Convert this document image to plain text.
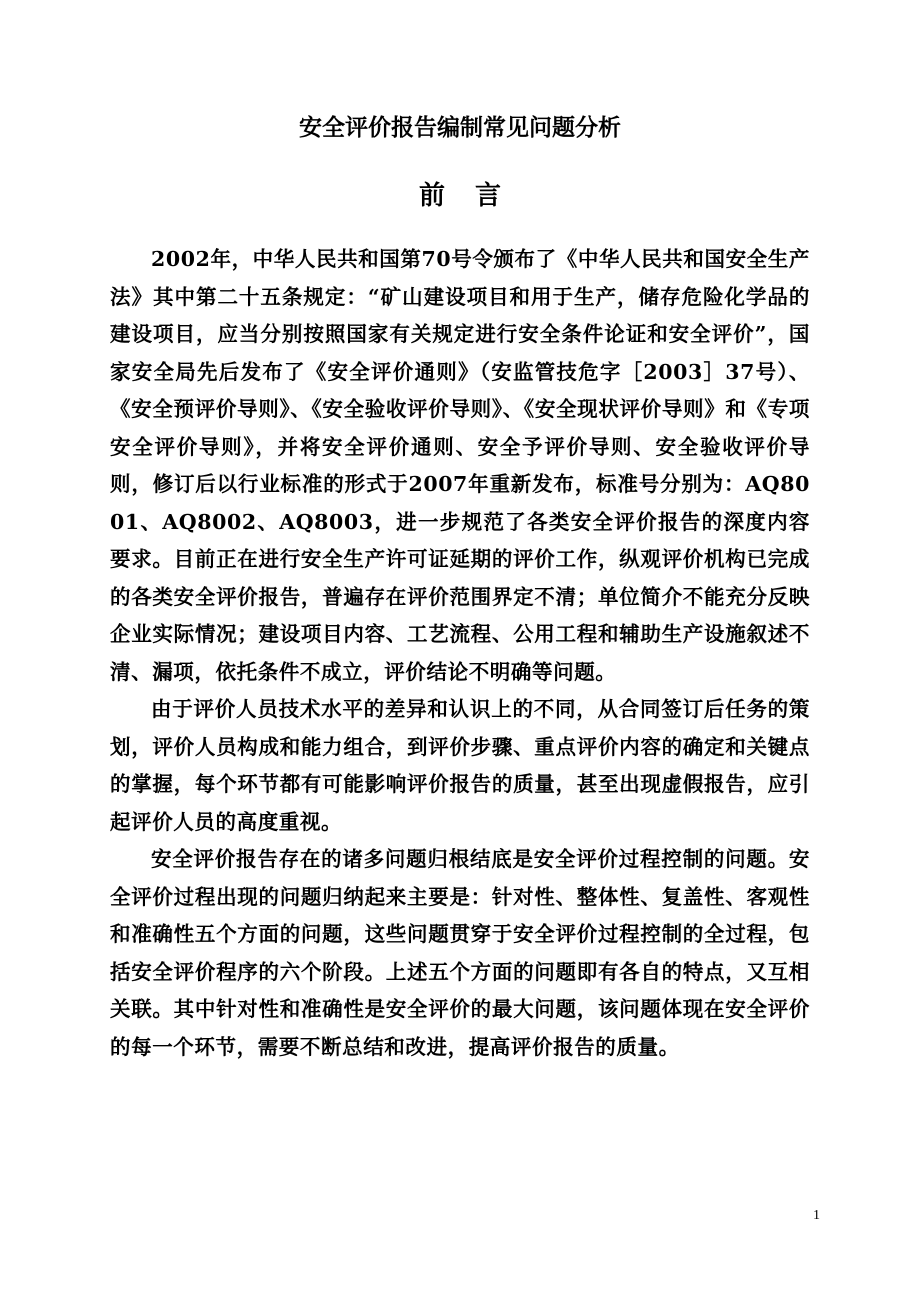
安全评价报告编制常见问题分析
前言

2002年，中华人民共和国第70号令颁布了《中华人民共和国安全生产法》其中第二十五条规定：“矿山建设项目和用于生产，储存危险化学品的建设项目，应当分别按照国家有关规定进行安全条件论证和安全评价”，国家安全局先后发布了《安全评价通则》（安监管技危字［2003］37号）、《安全预评价导则》、《安全验收评价导则》、《安全现状评价导则》和《专项安全评价导则》，并将安全评价通则、安全予评价导则、安全验收评价导则，修订后以行业标准的形式于2007年重新发布，标准号分别为：AQ8001、AQ8002、AQ8003，进一步规范了各类安全评价报告的深度内容要求。目前正在进行安全生产许可证延期的评价工作，纵观评价机构已完成的各类安全评价报告，普遍存在评价范围界定不清；单位简介不能充分反映企业实际情况；建设项目内容、工艺流程、公用工程和辅助生产设施叙述不清、漏项，依托条件不成立，评价结论不明确等问题。

由于评价人员技术水平的差异和认识上的不同，从合同签订后任务的策划，评价人员构成和能力组合，到评价步骤、重点评价内容的确定和关键点的掌握，每个环节都有可能影响评价报告的质量，甚至出现虚假报告，应引起评价人员的高度重视。

安全评价报告存在的诸多问题归根结底是安全评价过程控制的问题。安全评价过程出现的问题归纳起来主要是：针对性、整体性、复盖性、客观性和准确性五个方面的问题，这些问题贯穿于安全评价过程控制的全过程，包括安全评价程序的六个阶段。上述五个方面的问题即有各自的特点，又互相关联。其中针对性和准确性是安全评价的最大问题，该问题体现在安全评价的每一个环节，需要不断总结和改进，提高评价报告的质量。

1
